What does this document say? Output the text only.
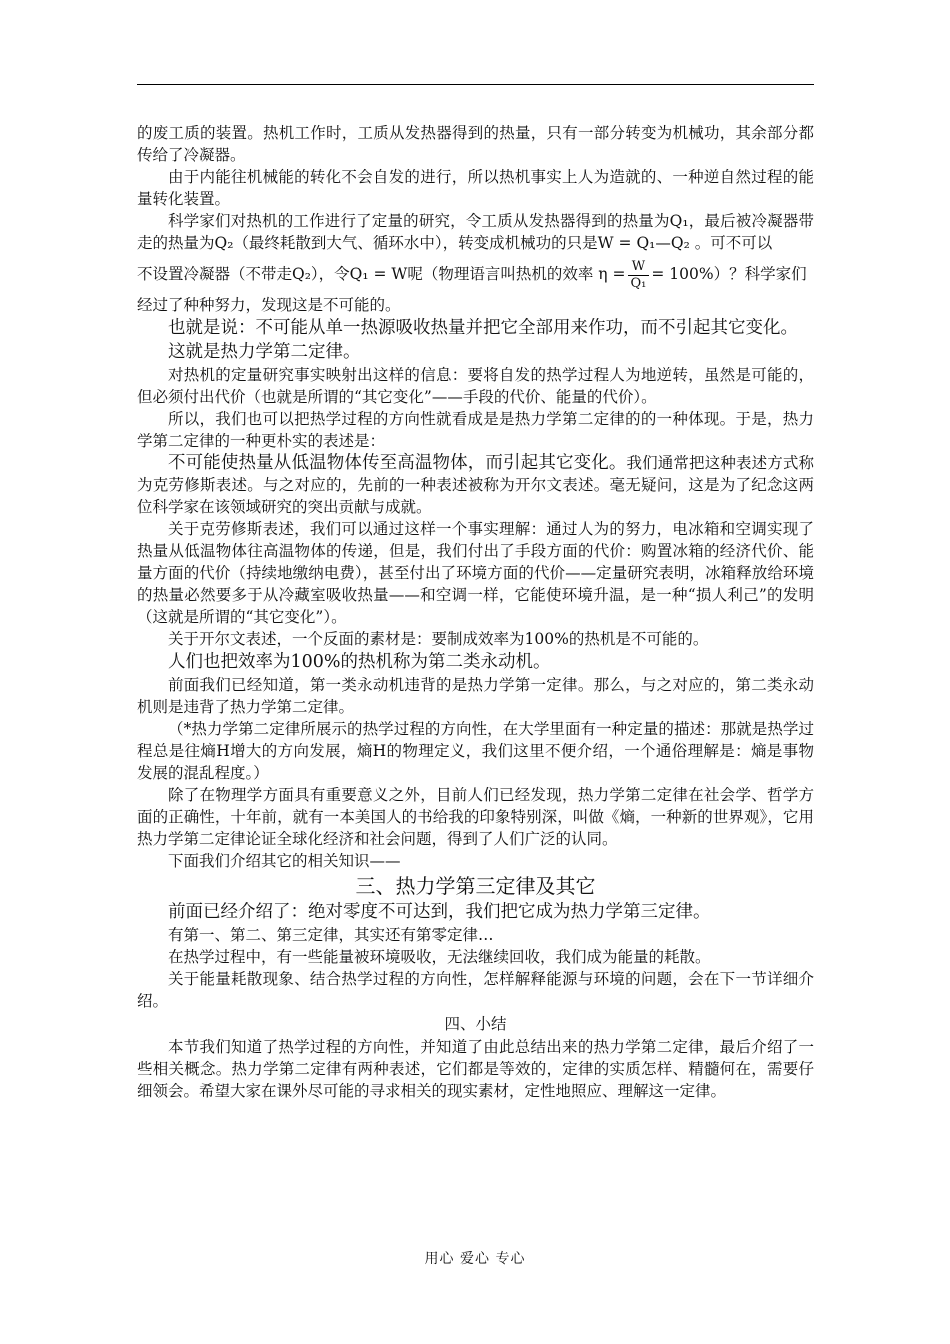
的废工质的装置。热机工作时，工质从发热器得到的热量，只有一部分转变为机械功，其余部分都传给了冷凝器。

由于内能往机械能的转化不会自发的进行，所以热机事实上人为造就的、一种逆自然过程的能量转化装置。

科学家们对热机的工作进行了定量的研究，令工质从发热器得到的热量为Q₁，最后被冷凝器带走的热量为Q₂（最终耗散到大气、循环水中），转变成机械功的只是W = Q₁—Q₂ 。可不可以

不设置冷凝器（不带走Q₂），令Q₁ = W呢（物理语言叫热机的效率 $\eta = \frac{W}{\text{Q₁}} = 100\%$）？科学家们

经过了种种努力，发现这是不可能的。

也就是说：不可能从单一热源吸收热量并把它全部用来作功，而不引起其它变化。

这就是热力学第二定律。

对热机的定量研究事实映射出这样的信息：要将自发的热学过程人为地逆转，虽然是可能的，但必须付出代价（也就是所谓的“其它变化”——手段的代价、能量的代价）。

所以，我们也可以把热学过程的方向性就看成是是热力学第二定律的的一种体现。于是，热力学第二定律的一种更朴实的表述是：

不可能使热量从低温物体传至高温物体，而引起其它变化。我们通常把这种表述方式称为克劳修斯表述。与之对应的，先前的一种表述被称为开尔文表述。毫无疑问，这是为了纪念这两位科学家在该领域研究的突出贡献与成就。

关于克劳修斯表述，我们可以通过这样一个事实理解：通过人为的努力，电冰箱和空调实现了热量从低温物体往高温物体的传递，但是，我们付出了手段方面的代价：购置冰箱的经济代价、能量方面的代价（持续地缴纳电费），甚至付出了环境方面的代价——定量研究表明，冰箱释放给环境的热量必然要多于从冷藏室吸收热量——和空调一样，它能使环境升温，是一种“损人利己”的发明（这就是所谓的“其它变化”）。

关于开尔文表述，一个反面的素材是：要制成效率为100%的热机是不可能的。

人们也把效率为100%的热机称为第二类永动机。

前面我们已经知道，第一类永动机违背的是热力学第一定律。那么，与之对应的，第二类永动机则是违背了热力学第二定律。

（*热力学第二定律所展示的热学过程的方向性，在大学里面有一种定量的描述：那就是热学过程总是往熵H增大的方向发展，熵H的物理定义，我们这里不便介绍，一个通俗理解是：熵是事物发展的混乱程度。）

除了在物理学方面具有重要意义之外，目前人们已经发现，热力学第二定律在社会学、哲学方面的正确性，十年前，就有一本美国人的书给我的印象特别深，叫做《熵，一种新的世界观》，它用热力学第二定律论证全球化经济和社会问题，得到了人们广泛的认同。

下面我们介绍其它的相关知识——

三、热力学第三定律及其它

前面已经介绍了：绝对零度不可达到，我们把它成为热力学第三定律。

有第一、第二、第三定律，其实还有第零定律…

在热学过程中，有一些能量被环境吸收，无法继续回收，我们成为能量的耗散。

关于能量耗散现象、结合热学过程的方向性，怎样解释能源与环境的问题，会在下一节详细介绍。

四、小结

本节我们知道了热学过程的方向性，并知道了由此总结出来的热力学第二定律，最后介绍了一些相关概念。热力学第二定律有两种表述，它们都是等效的，定律的实质怎样、精髓何在，需要仔细领会。希望大家在课外尽可能的寻求相关的现实素材，定性地照应、理解这一定律。

用心 爱心 专心
